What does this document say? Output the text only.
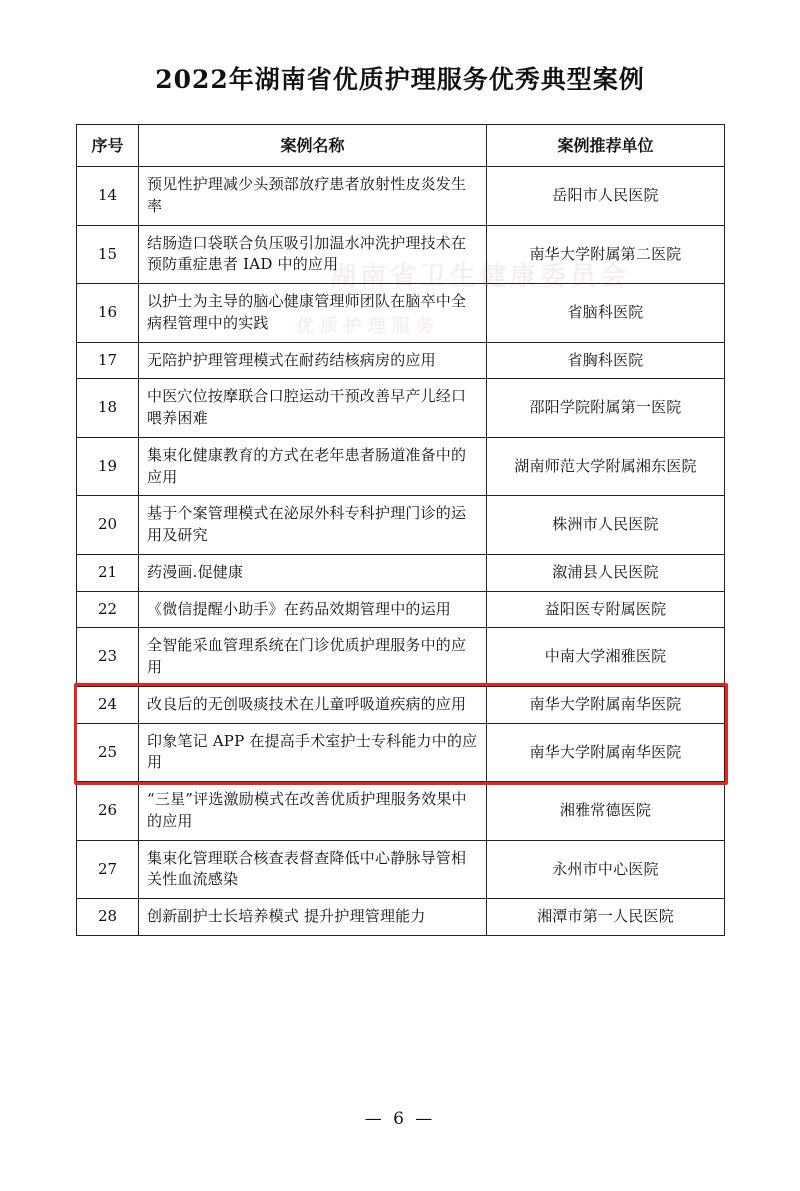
湖南省卫生健康委员会
优质护理服务
2022年湖南省优质护理服务优秀典型案例
序号	案例名称	案例推荐单位
14	预见性护理减少头颈部放疗患者放射性皮炎发生率	岳阳市人民医院
15	结肠造口袋联合负压吸引加温水冲洗护理技术在预防重症患者 IAD 中的应用	南华大学附属第二医院
16	以护士为主导的脑心健康管理师团队在脑卒中全病程管理中的实践	省脑科医院
17	无陪护护理管理模式在耐药结核病房的应用	省胸科医院
18	中医穴位按摩联合口腔运动干预改善早产儿经口喂养困难	邵阳学院附属第一医院
19	集束化健康教育的方式在老年患者肠道准备中的应用	湖南师范大学附属湘东医院
20	基于个案管理模式在泌尿外科专科护理门诊的运用及研究	株洲市人民医院
21	药漫画.促健康	溆浦县人民医院
22	《微信提醒小助手》在药品效期管理中的运用	益阳医专附属医院
23	全智能采血管理系统在门诊优质护理服务中的应用	中南大学湘雅医院
24	改良后的无创吸痰技术在儿童呼吸道疾病的应用	南华大学附属南华医院
25	印象笔记 APP 在提高手术室护士专科能力中的应用	南华大学附属南华医院
26	“三星”评选激励模式在改善优质护理服务效果中的应用	湘雅常德医院
27	集束化管理联合核查表督查降低中心静脉导管相关性血流感染	永州市中心医院
28	创新副护士长培养模式 提升护理管理能力	湘潭市第一人民医院
— 6 —
